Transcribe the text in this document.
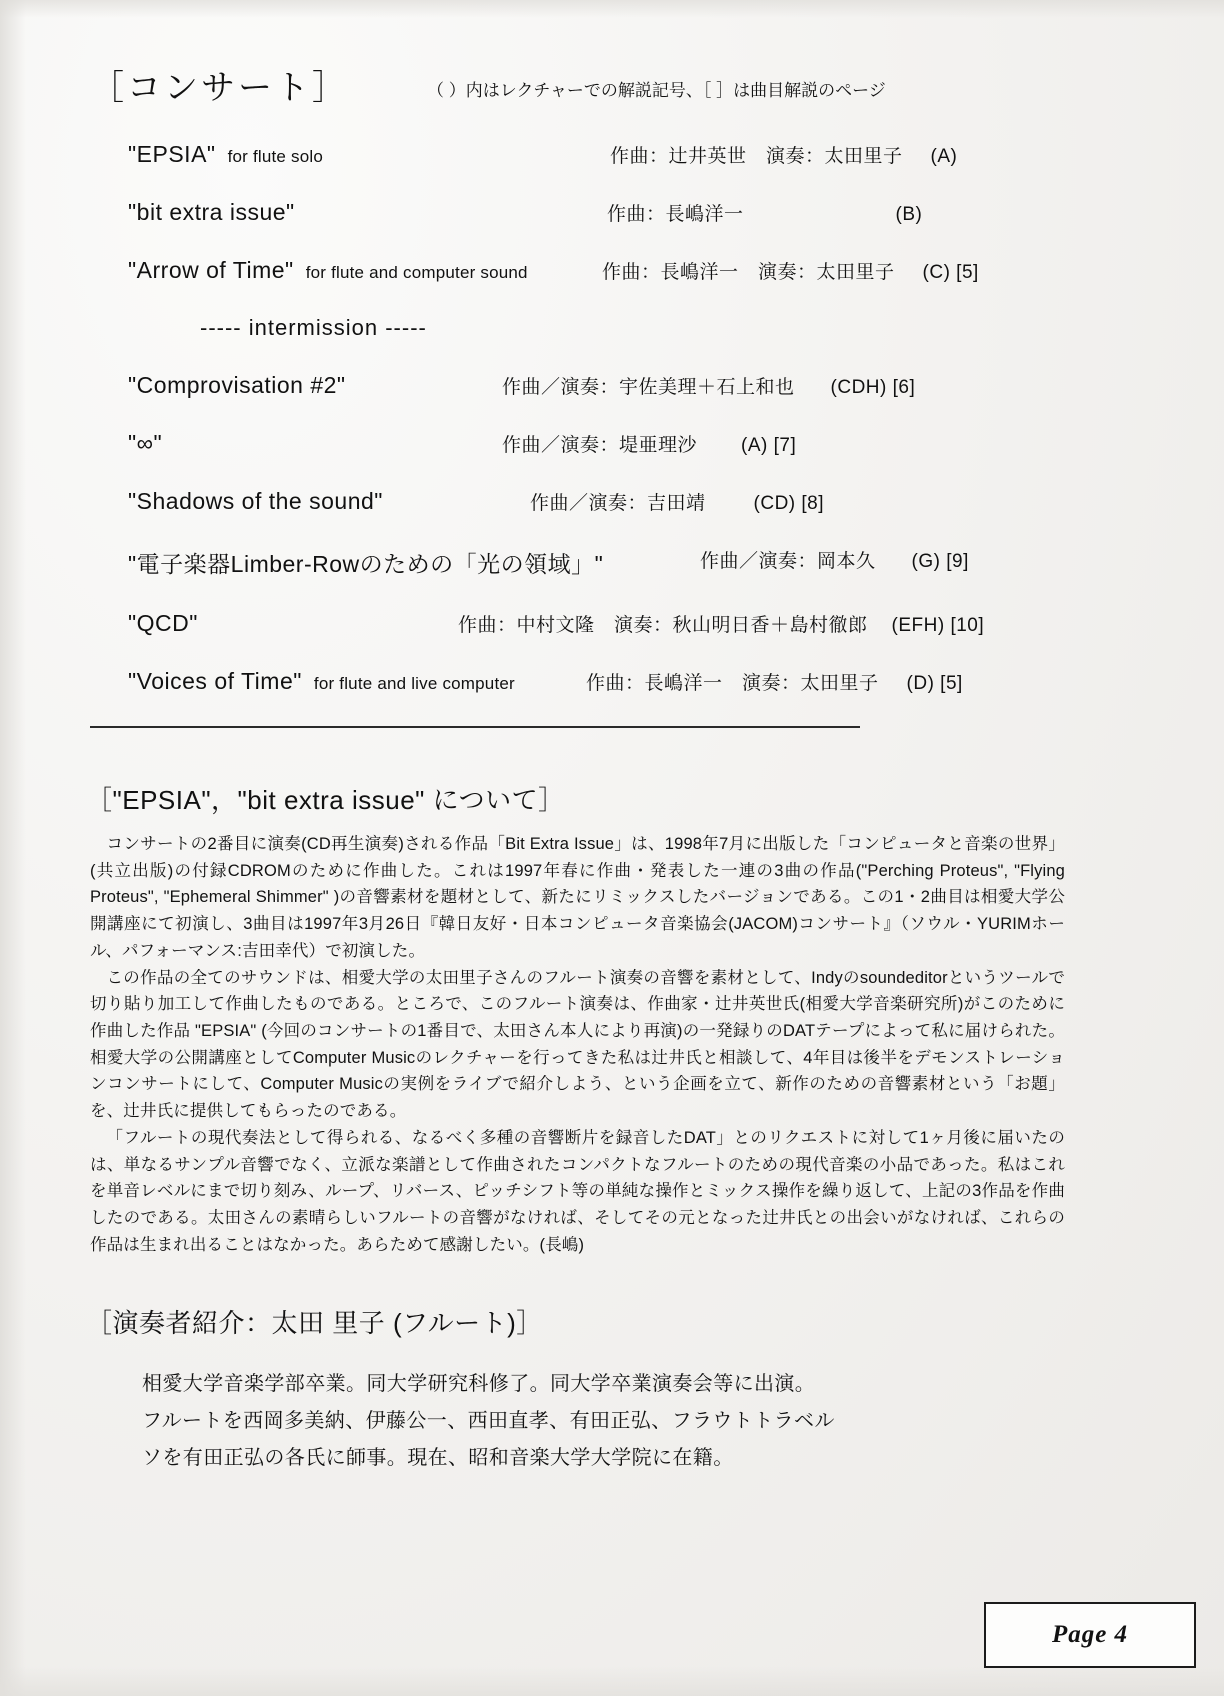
［コンサート］	（ ）内はレクチャーでの解説記号、［ ］は曲目解説のページ
"EPSIA" for flute solo	作曲：辻井英世　演奏：太田里子 (A)
"bit extra issue"	作曲：長嶋洋一	(B)
"Arrow of Time" for flute and computer sound	作曲：長嶋洋一　演奏：太田里子 (C) [5]
----- intermission -----
"Comprovisation #2"	作曲／演奏：宇佐美理＋石上和也 (CDH) [6]
"∞"	作曲／演奏：堤亜理沙 (A) [7]
"Shadows of the sound"	作曲／演奏：吉田靖	(CD) [8]
"電子楽器Limber-Rowのための「光の領域」"	作曲／演奏：岡本久 (G) [9]
"QCD"	作曲：中村文隆　演奏：秋山明日香＋島村徹郎 (EFH) [10]
"Voices of Time" for flute and live computer	作曲：長嶋洋一　演奏：太田里子 (D) [5]
［"EPSIA"，"bit extra issue" について］

コンサートの2番目に演奏(CD再生演奏)される作品「Bit Extra Issue」は、1998年7月に出版した「コンピュータと音楽の世界」(共立出版)の付録CDROMのために作曲した。これは1997年春に作曲・発表した一連の3曲の作品("Perching Proteus", "Flying Proteus", "Ephemeral Shimmer" )の音響素材を題材として、新たにリミックスしたバージョンである。この1・2曲目は相愛大学公開講座にて初演し、3曲目は1997年3月26日『韓日友好・日本コンピュータ音楽協会(JACOM)コンサート』（ソウル・YURIMホール、パフォーマンス:吉田幸代）で初演した。

この作品の全てのサウンドは、相愛大学の太田里子さんのフルート演奏の音響を素材として、Indyのsoundeditorというツールで切り貼り加工して作曲したものである。ところで、このフルート演奏は、作曲家・辻井英世氏(相愛大学音楽研究所)がこのために作曲した作品 "EPSIA" (今回のコンサートの1番目で、太田さん本人により再演)の一発録りのDATテープによって私に届けられた。相愛大学の公開講座としてComputer Musicのレクチャーを行ってきた私は辻井氏と相談して、4年目は後半をデモンストレーションコンサートにして、Computer Musicの実例をライブで紹介しよう、という企画を立て、新作のための音響素材という「お題」を、辻井氏に提供してもらったのである。

「フルートの現代奏法として得られる、なるべく多種の音響断片を録音したDAT」とのリクエストに対して1ヶ月後に届いたのは、単なるサンプル音響でなく、立派な楽譜として作曲されたコンパクトなフルートのための現代音楽の小品であった。私はこれを単音レベルにまで切り刻み、ループ、リバース、ピッチシフト等の単純な操作とミックス操作を繰り返して、上記の3作品を作曲したのである。太田さんの素晴らしいフルートの音響がなければ、そしてその元となった辻井氏との出会いがなければ、これらの作品は生まれ出ることはなかった。あらためて感謝したい。(長嶋)

［演奏者紹介：太田 里子 (フルート)］
相愛大学音楽学部卒業。同大学研究科修了。同大学卒業演奏会等に出演。
フルートを西岡多美納、伊藤公一、西田直孝、有田正弘、フラウトトラベル
ソを有田正弘の各氏に師事。現在、昭和音楽大学大学院に在籍。
Page 4
